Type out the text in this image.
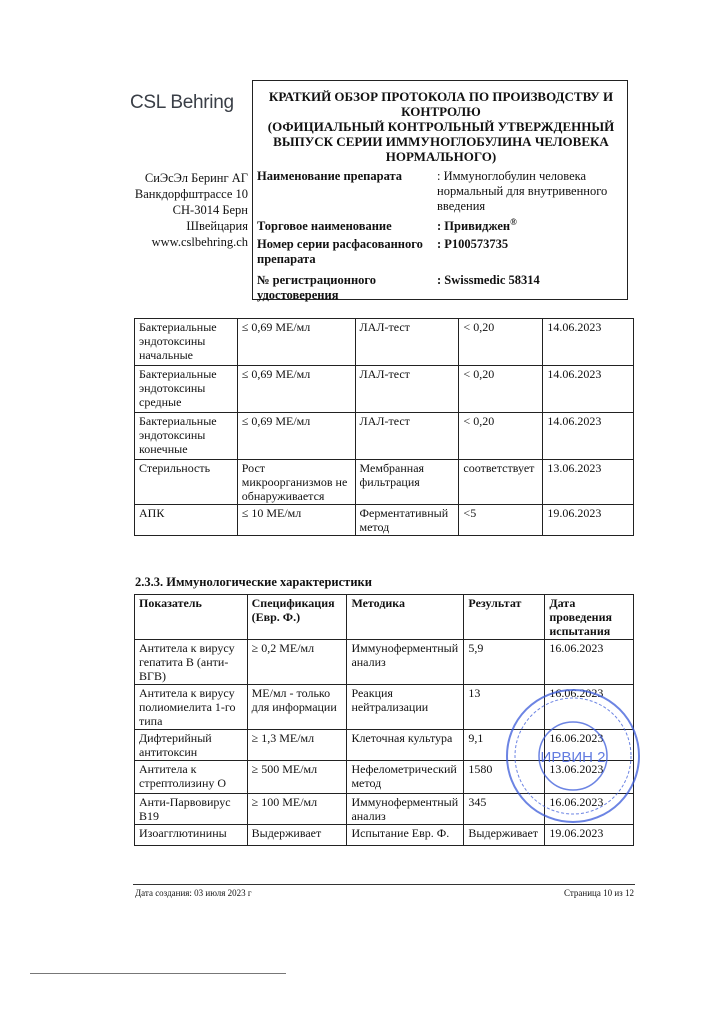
CSL Behring
СиЭсЭл Беринг АГ
Ванкдорфштрассе 10
СН-3014 Берн
Швейцария
www.cslbehring.ch
КРАТКИЙ ОБЗОР ПРОТОКОЛА ПО ПРОИЗВОДСТВУ И
КОНТРОЛЮ
(ОФИЦИАЛЬНЫЙ КОНТРОЛЬНЫЙ УТВЕРЖДЕННЫЙ
ВЫПУСК СЕРИИ ИММУНОГЛОБУЛИНА ЧЕЛОВЕКА
НОРМАЛЬНОГО)
Наименование препарата	: Иммуноглобулин человека нормальный для внутривенного введения
Торговое наименование	: Привиджен®
Номер серии расфасованного препарата
: P100573735
№ регистрационного удостоверения
: Swissmedic 58314
Бактериальные эндотоксины начальные	≤ 0,69 МЕ/мл	ЛАЛ-тест	< 0,20	14.06.2023
Бактериальные эндотоксины средные	≤ 0,69 МЕ/мл	ЛАЛ-тест	< 0,20	14.06.2023
Бактериальные эндотоксины конечные	≤ 0,69 МЕ/мл	ЛАЛ-тест	< 0,20	14.06.2023
Стерильность	Рост микроорганизмов не обнаруживается	Мембранная фильтрация	соответствует	13.06.2023
АПК	≤ 10 МЕ/мл	Ферментативный метод	<5	19.06.2023
2.3.3. Иммунологические характеристики
Показатель	Спецификация (Евр. Ф.)	Методика	Результат	Дата проведения испытания
Антитела к вирусу гепатита В (анти-ВГВ)	≥ 0,2 МЕ/мл	Иммуноферментный анализ	5,9	16.06.2023
Антитела к вирусу полиомиелита 1-го типа	МЕ/мл - только для информации	Реакция нейтрализации	13	16.06.2023
Дифтерийный антитоксин	≥ 1,3 МЕ/мл	Клеточная культура	9,1	16.06.2023
Антитела к стрептолизину О	≥ 500 МЕ/мл	Нефелометрический метод	1580	13.06.2023
Анти-Парвовирус B19	≥ 100 МЕ/мл	Иммуноферментный анализ	345	16.06.2023
Изоагглютинины	Выдерживает	Испытание Евр. Ф.	Выдерживает	19.06.2023
ИРВИН 2
Дата создания: 03 июля 2023 г	Страница 10 из 12
